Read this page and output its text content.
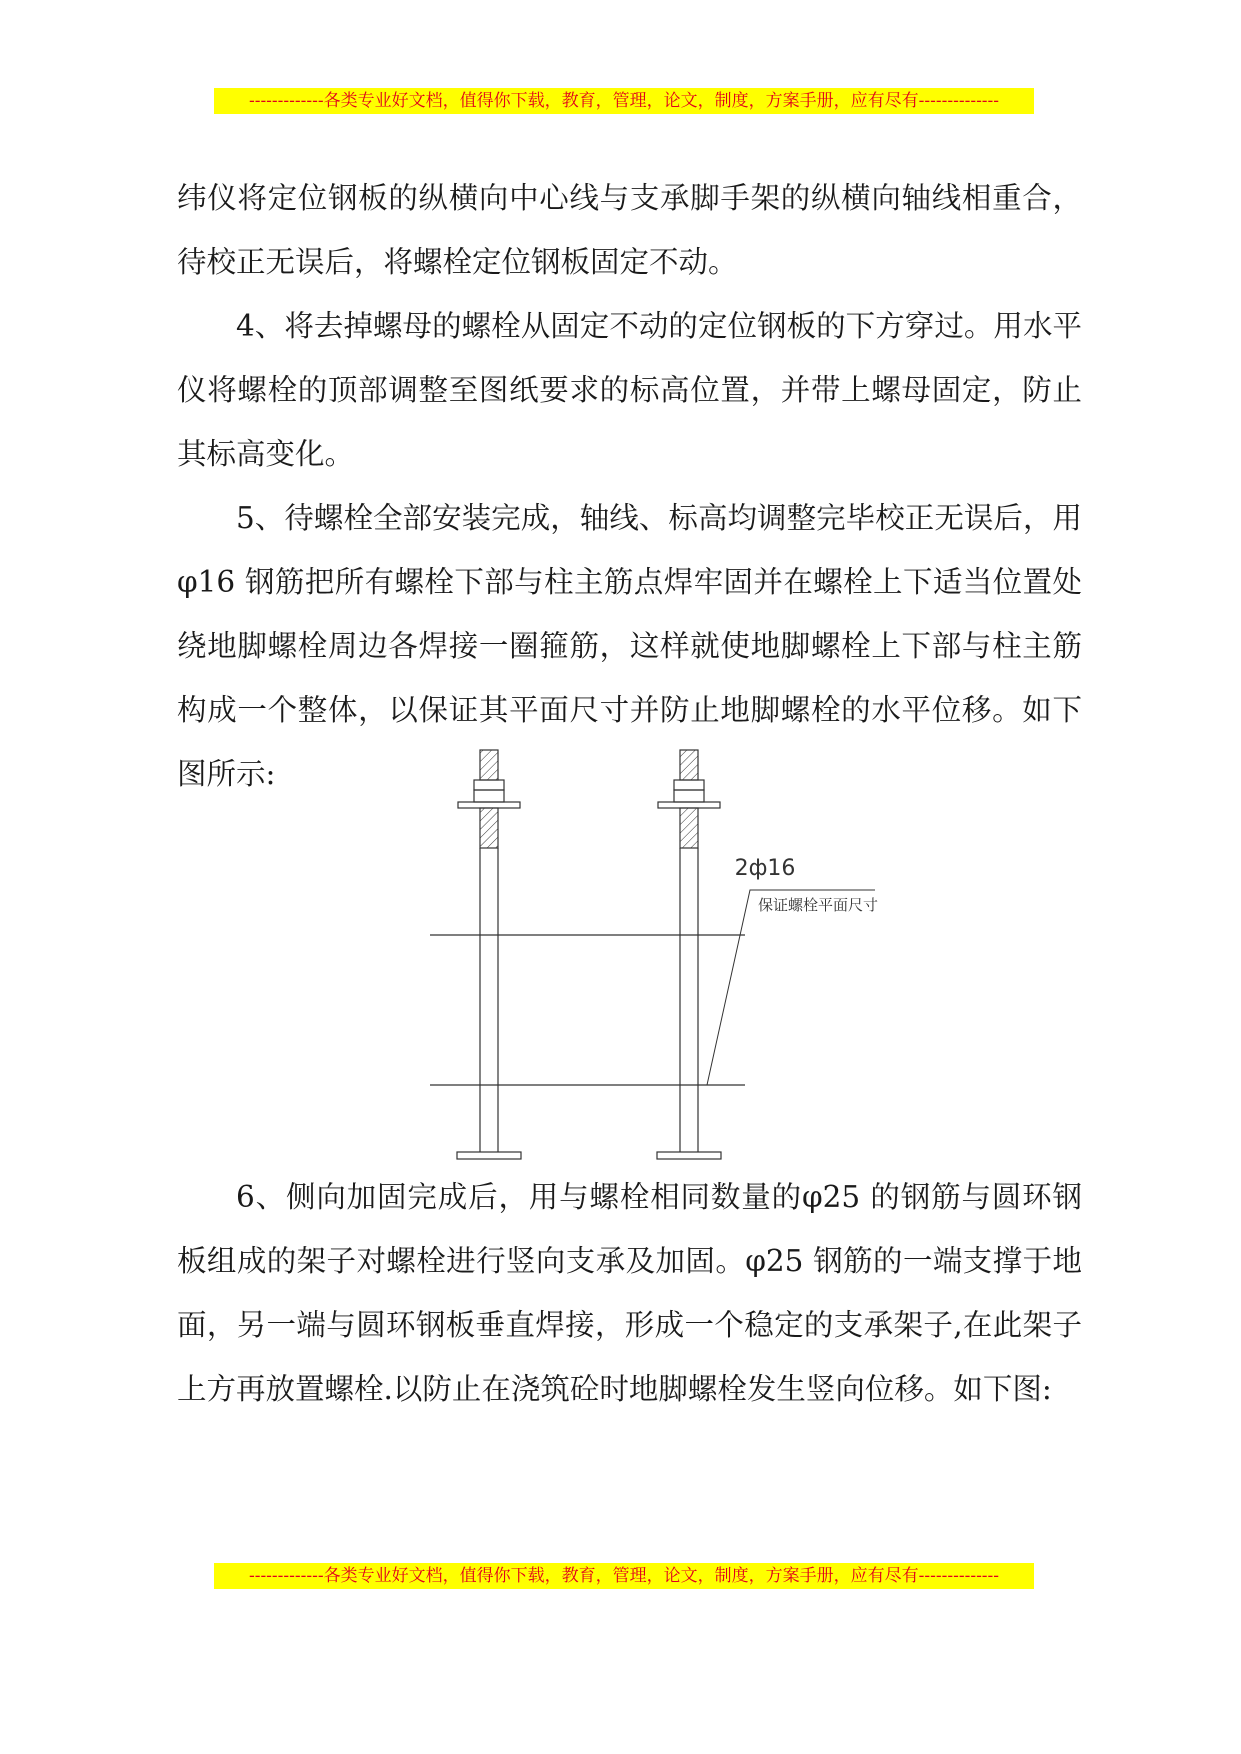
-------------各类专业好文档，值得你下载，教育，管理，论文，制度，方案手册，应有尽有--------------

纬仪将定位钢板的纵横向中心线与支承脚手架的纵横向轴线相重合，待校正无误后，将螺栓定位钢板固定不动。

4、将去掉螺母的螺栓从固定不动的定位钢板的下方穿过。用水平仪将螺栓的顶部调整至图纸要求的标高位置，并带上螺母固定，防止其标高变化。

5、待螺栓全部安装完成，轴线、标高均调整完毕校正无误后，用φ16 钢筋把所有螺栓下部与柱主筋点焊牢固并在螺栓上下适当位置处绕地脚螺栓周边各焊接一圈箍筋，这样就使地脚螺栓上下部与柱主筋构成一个整体，以保证其平面尺寸并防止地脚螺栓的水平位移。如下图所示:

2ф16
保证螺栓平面尺寸

6、侧向加固完成后，用与螺栓相同数量的φ25 的钢筋与圆环钢板组成的架子对螺栓进行竖向支承及加固。φ25 钢筋的一端支撑于地面，另一端与圆环钢板垂直焊接，形成一个稳定的支承架子,在此架子上方再放置螺栓.以防止在浇筑砼时地脚螺栓发生竖向位移。如下图:

-------------各类专业好文档，值得你下载，教育，管理，论文，制度，方案手册，应有尽有--------------
